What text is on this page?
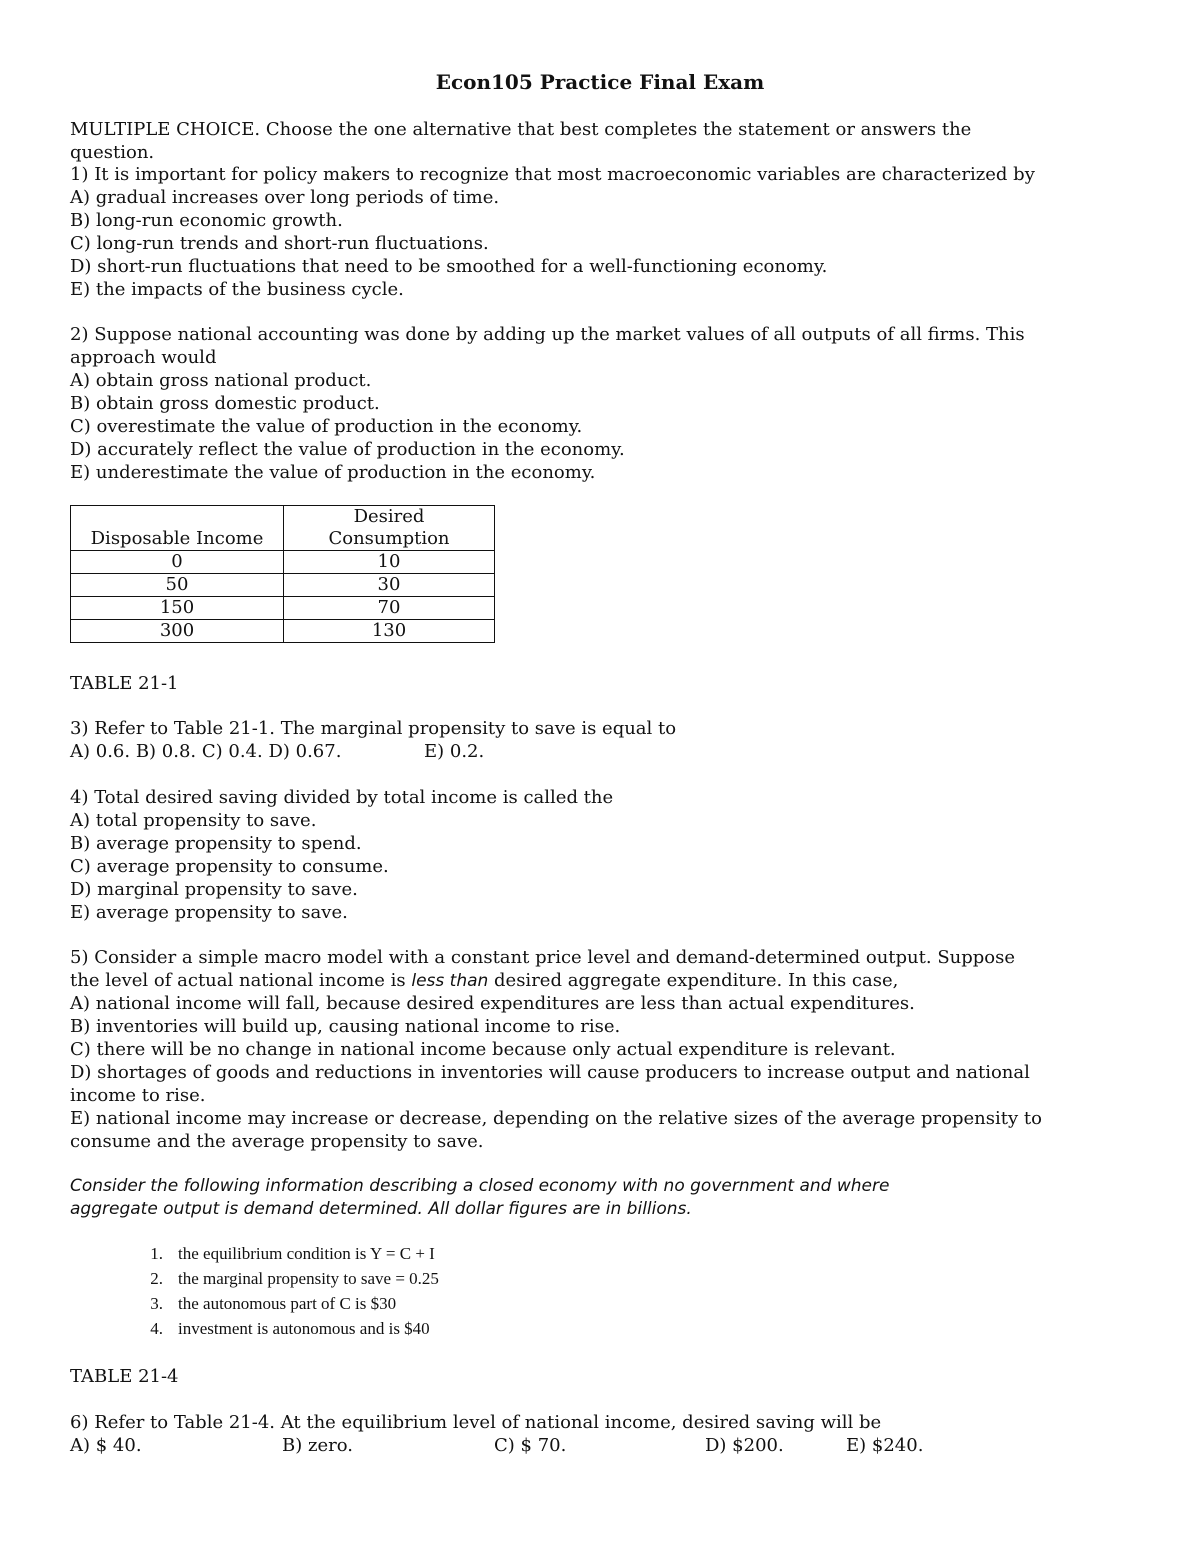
Econ105 Practice Final Exam
MULTIPLE CHOICE. Choose the one alternative that best completes the statement or answers the
question.
1) It is important for policy makers to recognize that most macroeconomic variables are characterized by
A) gradual increases over long periods of time.
B) long-run economic growth.
C) long-run trends and short-run fluctuations.
D) short-run fluctuations that need to be smoothed for a well-functioning economy.
E) the impacts of the business cycle.
2) Suppose national accounting was done by adding up the market values of all outputs of all firms. This
approach would
A) obtain gross national product.
B) obtain gross domestic product.
C) overestimate the value of production in the economy.
D) accurately reflect the value of production in the economy.
E) underestimate the value of production in the economy.
Disposable Income	Desired
Consumption
0	10
50	30
150	70
300	130
TABLE 21-1
3) Refer to Table 21-1. The marginal propensity to save is equal to
A) 0.6. B) 0.8. C) 0.4. D) 0.67.	E) 0.2.
4) Total desired saving divided by total income is called the
A) total propensity to save.
B) average propensity to spend.
C) average propensity to consume.
D) marginal propensity to save.
E) average propensity to save.
5) Consider a simple macro model with a constant price level and demand-determined output. Suppose
the level of actual national income is less than desired aggregate expenditure. In this case,
A) national income will fall, because desired expenditures are less than actual expenditures.
B) inventories will build up, causing national income to rise.
C) there will be no change in national income because only actual expenditure is relevant.
D) shortages of goods and reductions in inventories will cause producers to increase output and national
income to rise.
E) national income may increase or decrease, depending on the relative sizes of the average propensity to
consume and the average propensity to save.
Consider the following information describing a closed economy with no government and where
aggregate output is demand determined. All dollar figures are in billions.
1. the equilibrium condition is Y = C + I
2. the marginal propensity to save = 0.25
3. the autonomous part of C is $30
4. investment is autonomous and is $40
TABLE 21-4
6) Refer to Table 21-4. At the equilibrium level of national income, desired saving will be
A) $ 40.	B) zero.	C) $ 70.	D) $200.	E) $240.
